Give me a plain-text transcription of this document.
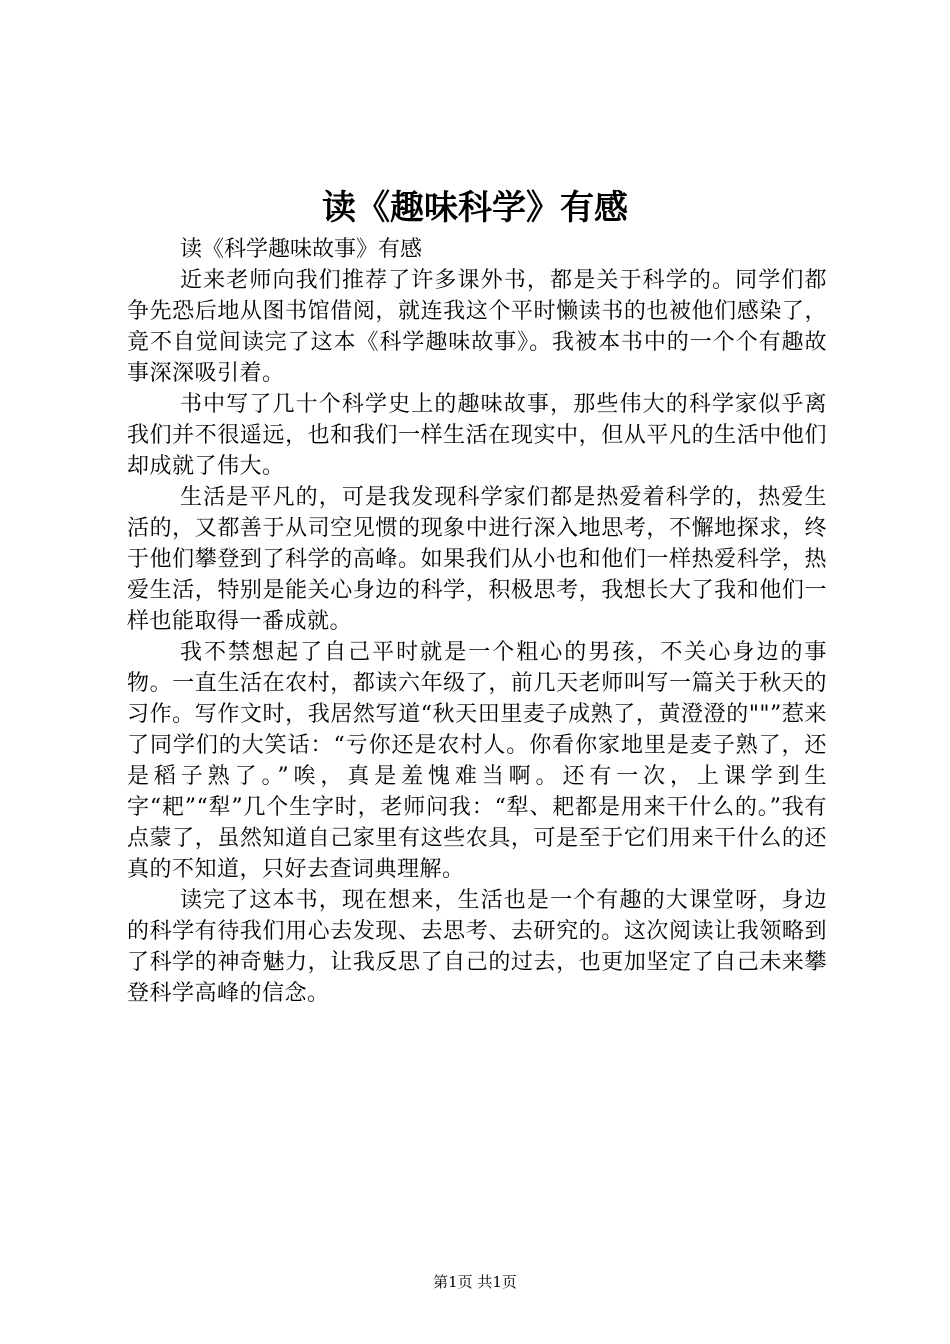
读《趣味科学》有感

读《科学趣味故事》有感

近来老师向我们推荐了许多课外书，都是关于科学的。同学们都争先恐后地从图书馆借阅，就连我这个平时懒读书的也被他们感染了，竟不自觉间读完了这本《科学趣味故事》。我被本书中的一个个有趣故事深深吸引着。

书中写了几十个科学史上的趣味故事，那些伟大的科学家似乎离我们并不很遥远，也和我们一样生活在现实中，但从平凡的生活中他们却成就了伟大。

生活是平凡的，可是我发现科学家们都是热爱着科学的，热爱生活的，又都善于从司空见惯的现象中进行深入地思考，不懈地探求，终于他们攀登到了科学的高峰。如果我们从小也和他们一样热爱科学，热爱生活，特别是能关心身边的科学，积极思考，我想长大了我和他们一样也能取得一番成就。

我不禁想起了自己平时就是一个粗心的男孩，不关心身边的事物。一直生活在农村，都读六年级了，前几天老师叫写一篇关于秋天的习作。写作文时，我居然写道“秋天田里麦子成熟了，黄澄澄的""”惹来了同学们的大笑话：“亏你还是农村人。你看你家地里是麦子熟了，还是稻子熟了。”唉，真是羞愧难当啊。还有一次，上课学到生字“耙”“犁”几个生字时，老师问我：“犁、耙都是用来干什么的。”我有点蒙了，虽然知道自己家里有这些农具，可是至于它们用来干什么的还真的不知道，只好去查词典理解。

读完了这本书，现在想来，生活也是一个有趣的大课堂呀，身边的科学有待我们用心去发现、去思考、去研究的。这次阅读让我领略到了科学的神奇魅力，让我反思了自己的过去，也更加坚定了自己未来攀登科学高峰的信念。

第1页 共1页
